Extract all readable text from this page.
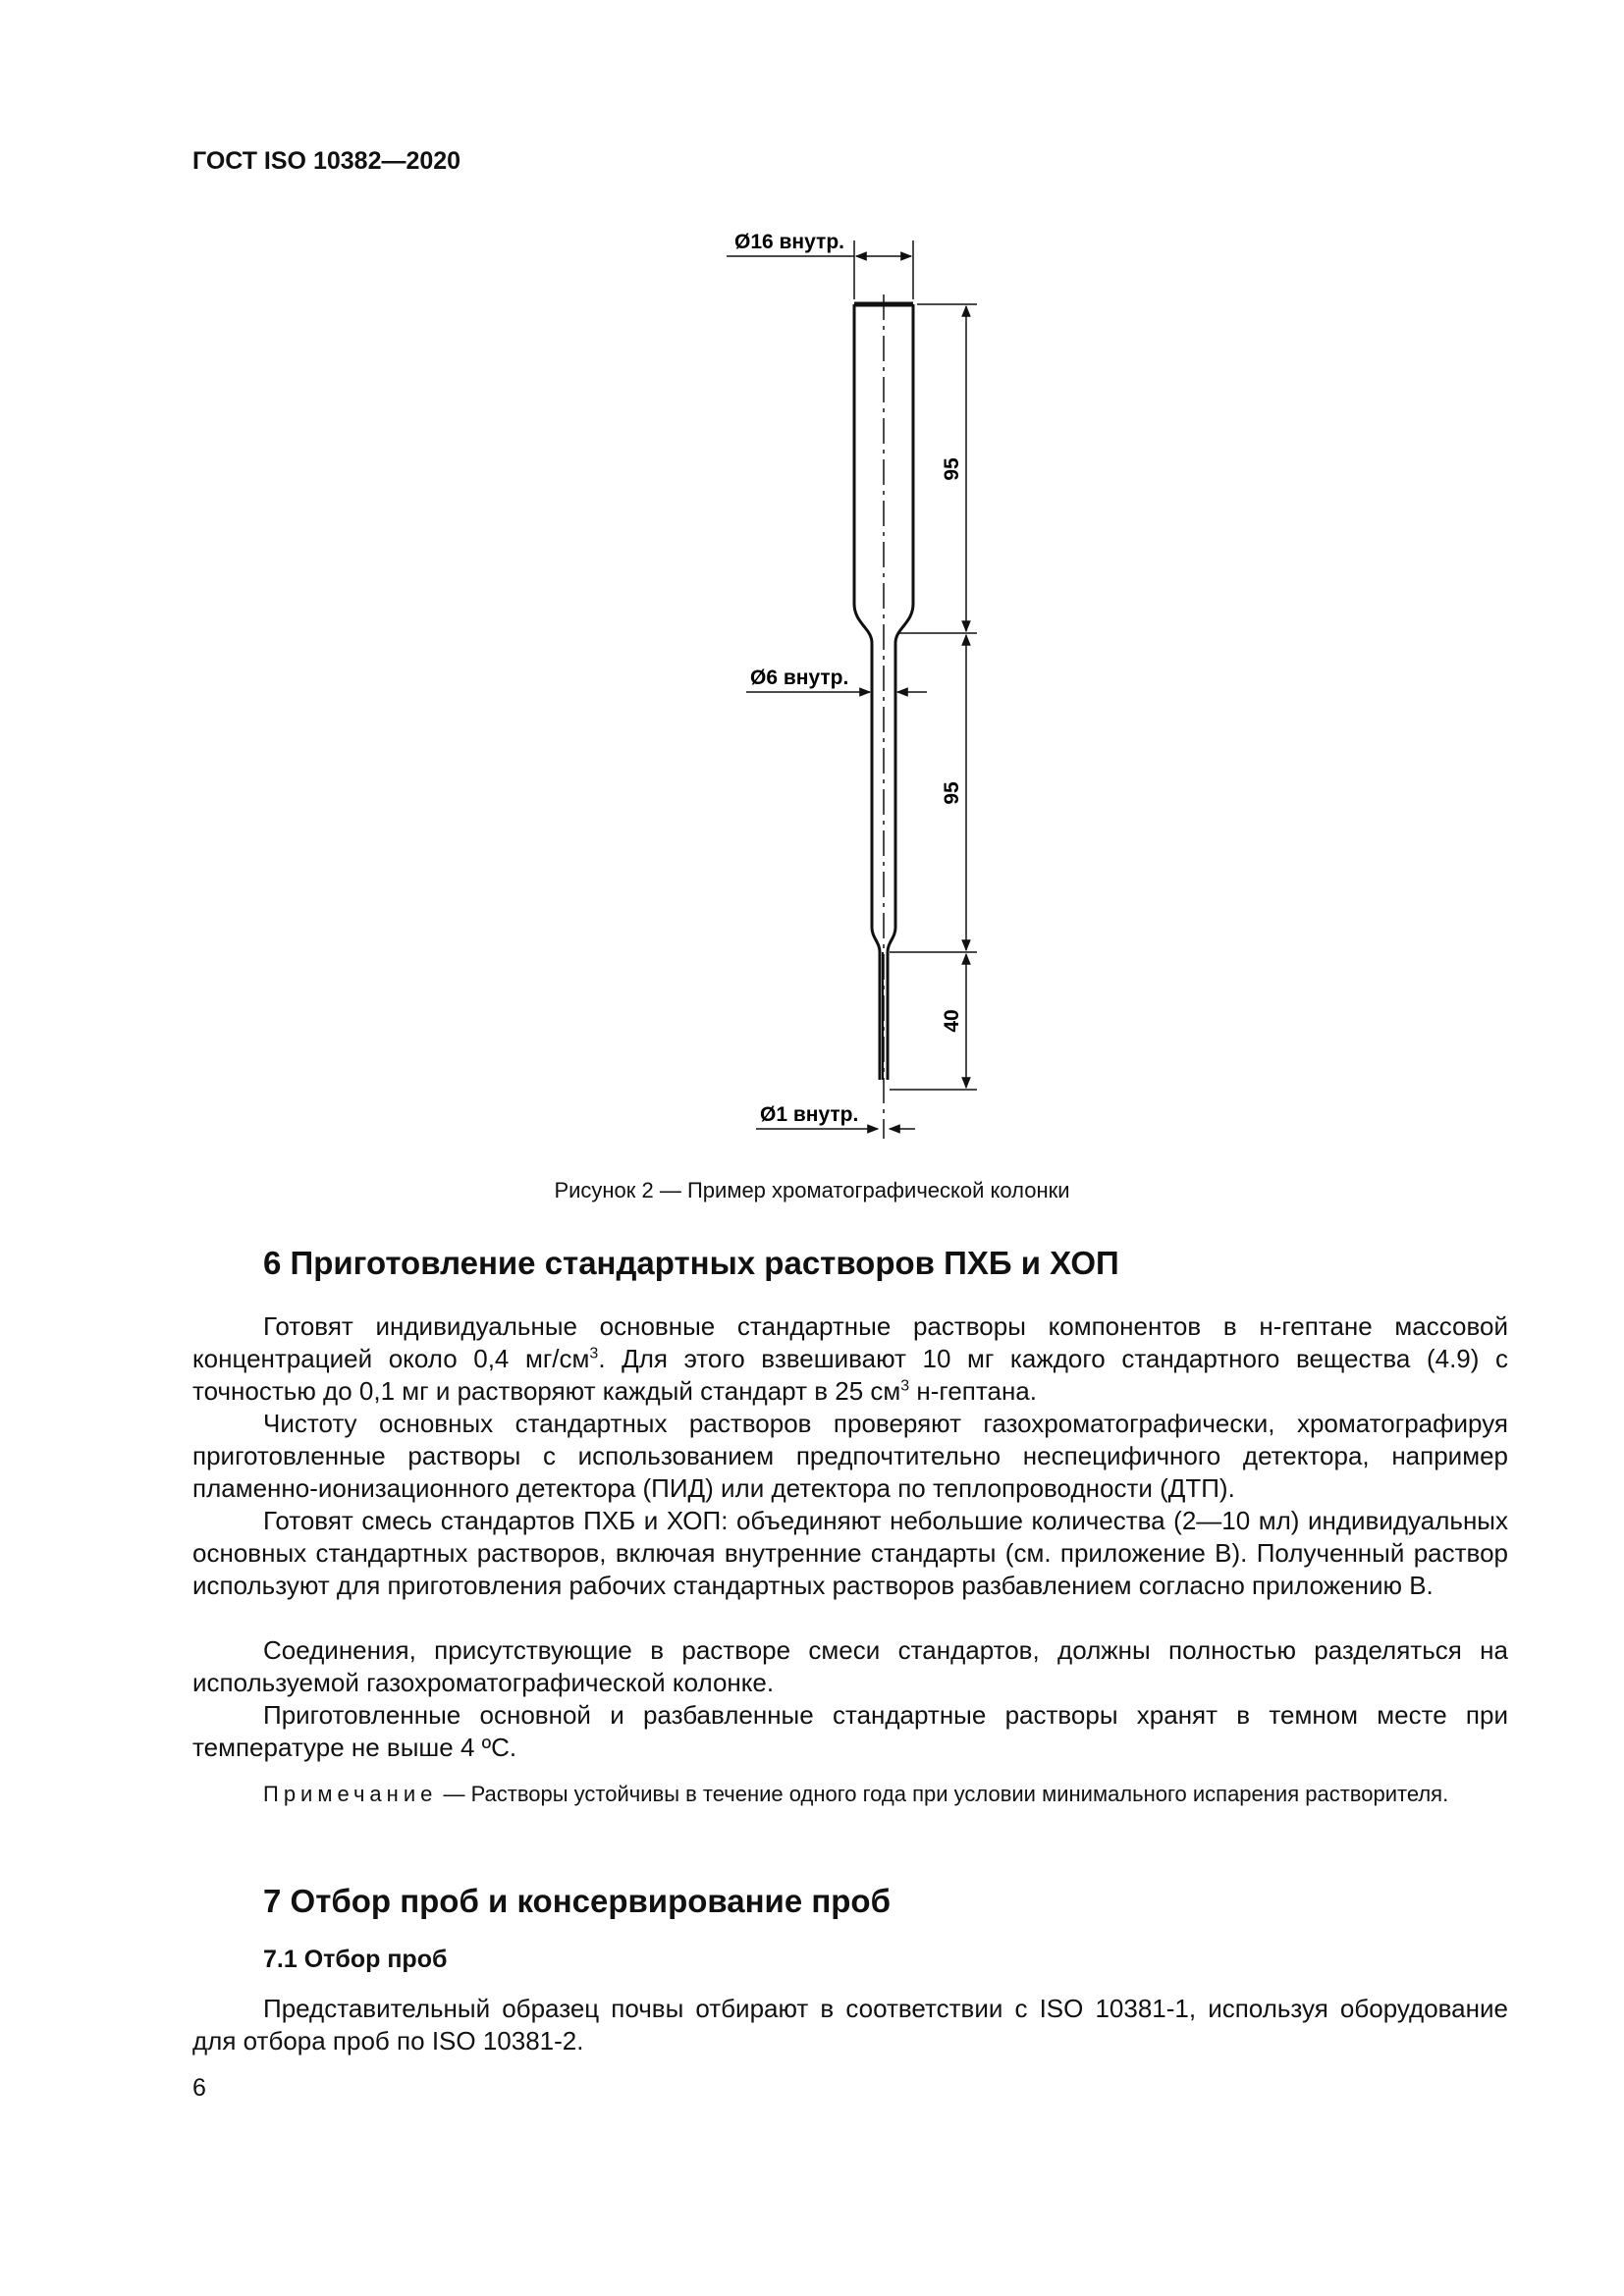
ГОСТ ISO 10382—2020
Ø16 внутр.
95
95
40
Ø6 внутр.
Ø1 внутр.
Рисунок 2 — Пример хроматографической колонки
6 Приготовление стандартных растворов ПХБ и ХОП
Готовят индивидуальные основные стандартные растворы компонентов в н-гептане массовой концентрацией около 0,4 $мг/см^3$. Для этого взвешивают 10 мг каждого стандартного вещества (4.9) с точностью до 0,1 мг и растворяют каждый стандарт в 25 $см^3$ н-гептана.
Чистоту основных стандартных растворов проверяют газохроматографически, хроматографируя приготовленные растворы с использованием предпочтительно неспецифичного детектора, например пламенно-ионизационного детектора (ПИД) или детектора по теплопроводности (ДТП).
Готовят смесь стандартов ПХБ и ХОП: объединяют небольшие количества (2—10 мл) индивидуальных основных стандартных растворов, включая внутренние стандарты (см. приложение B). Полученный раствор используют для приготовления рабочих стандартных растворов разбавлением согласно приложению B.
Соединения, присутствующие в растворе смеси стандартов, должны полностью разделяться на используемой газохроматографической колонке.
Приготовленные основной и разбавленные стандартные растворы хранят в темном месте при температуре не выше 4 ºC.
Примечание — Растворы устойчивы в течение одного года при условии минимального испарения растворителя.
7 Отбор проб и консервирование проб
7.1 Отбор проб
Представительный образец почвы отбирают в соответствии с ISO 10381-1, используя оборудование для отбора проб по ISO 10381-2.
6
